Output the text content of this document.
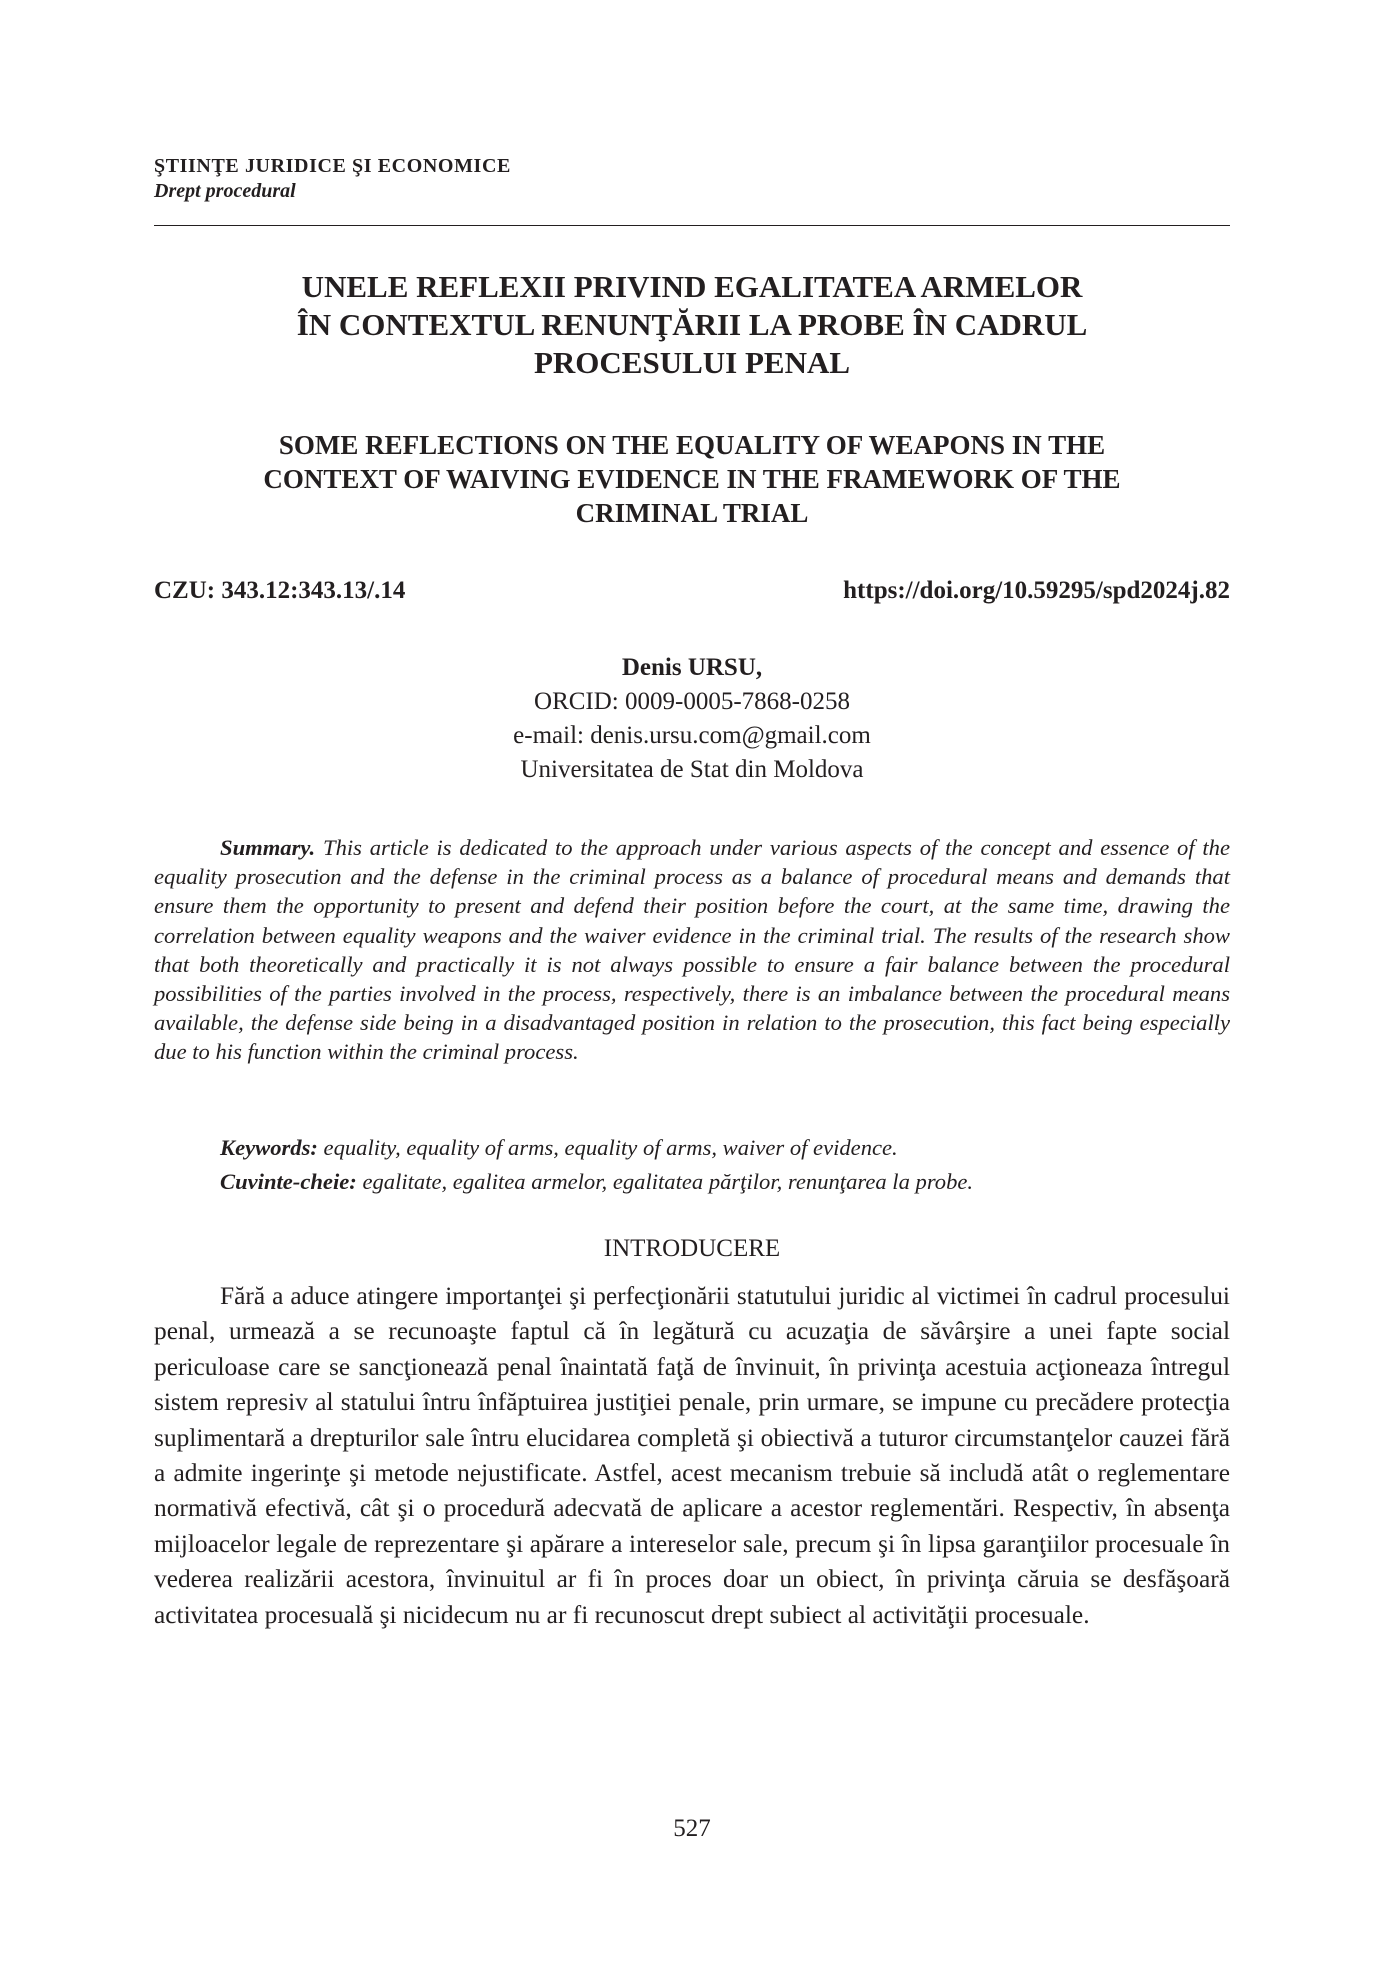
ŞTIINŢE JURIDICE ŞI ECONOMICE
Drept procedural
UNELE REFLEXII PRIVIND EGALITATEA ARMELOR
ÎN CONTEXTUL RENUNŢĂRII LA PROBE ÎN CADRUL
PROCESULUI PENAL
SOME REFLECTIONS ON THE EQUALITY OF WEAPONS IN THE
CONTEXT OF WAIVING EVIDENCE IN THE FRAMEWORK OF THE
CRIMINAL TRIAL
CZU: 343.12:343.13/.14	https://doi.org/10.59295/spd2024j.82
Denis URSU,
ORCID: 0009-0005-7868-0258
e-mail: denis.ursu.com@gmail.com
Universitatea de Stat din Moldova

Summary. This article is dedicated to the approach under various aspects of the concept and essence of the equality prosecution and the defense in the criminal process as a balance of procedural means and demands that ensure them the opportunity to present and defend their position before the court, at the same time, drawing the correlation between equality weapons and the waiver evidence in the criminal trial. The results of the research show that both theoretically and practically it is not always possible to ensure a fair balance between the procedural possibilities of the parties involved in the process, respectively, there is an imbalance between the procedural means available, the defense side being in a disadvantaged position in relation to the prosecution, this fact being especially due to his function within the criminal process.

Keywords: equality, equality of arms, equality of arms, waiver of evidence.

Cuvinte-cheie: egalitate, egalitea armelor, egalitatea părţilor, renunţarea la probe.

INTRODUCERE

Fără a aduce atingere importanţei şi perfecţionării statutului juridic al victimei în cadrul procesului penal, urmează a se recunoaşte faptul că în legătură cu acuzaţia de săvârşire a unei fapte social periculoase care se sancţionează penal înaintată faţă de învinuit, în privinţa acestuia acţioneaza întregul sistem represiv al statului întru înfăptuirea justiţiei penale, prin urmare, se impune cu precădere protecţia suplimentară a drepturilor sale întru elucidarea completă şi obiectivă a tuturor circumstanţelor cauzei fără a admite ingerinţe şi metode nejustificate. Astfel, acest mecanism trebuie să includă atât o reglementare normativă efectivă, cât şi o procedură adecvată de aplicare a acestor reglementări. Respectiv, în absenţa mijloacelor legale de reprezentare şi apărare a intereselor sale, precum şi în lipsa garanţiilor procesuale în vederea realizării acestora, învinuitul ar fi în proces doar un obiect, în privinţa căruia se desfăşoară activitatea procesuală şi nicidecum nu ar fi recunoscut drept subiect al activităţii procesuale.

527
